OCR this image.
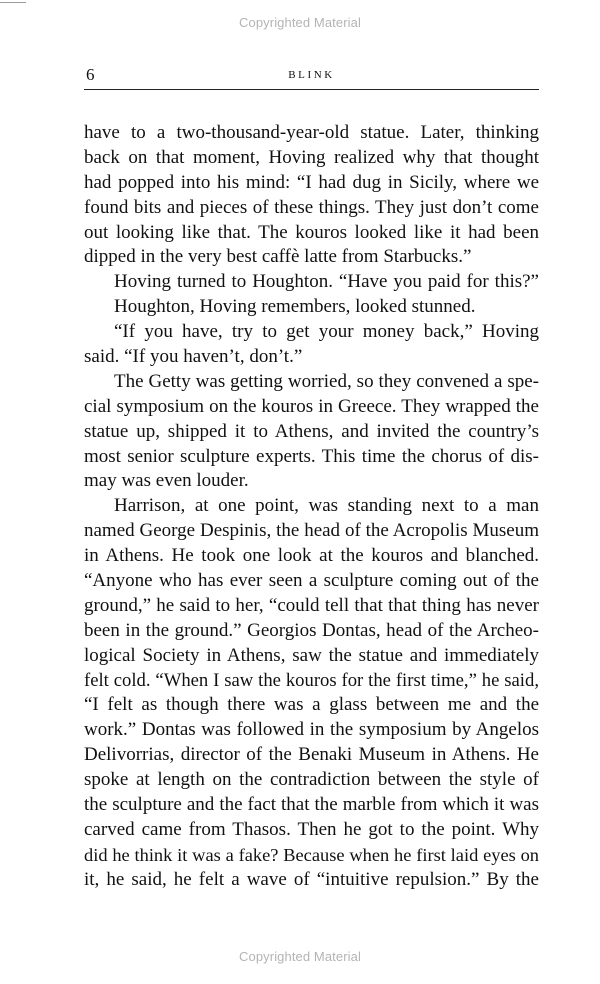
Copyrighted Material
6	BLINK
have to a two-thousand-year-old statue. Later, thinking
back on that moment, Hoving realized why that thought
had popped into his mind: “I had dug in Sicily, where we
found bits and pieces of these things. They just don’t come
out looking like that. The kouros looked like it had been
dipped in the very best caffè latte from Starbucks.”
Hoving turned to Houghton. “Have you paid for this?”
Houghton, Hoving remembers, looked stunned.
“If you have, try to get your money back,” Hoving
said. “If you haven’t, don’t.”
The Getty was getting worried, so they convened a spe-
cial symposium on the kouros in Greece. They wrapped the
statue up, shipped it to Athens, and invited the country’s
most senior sculpture experts. This time the chorus of dis-
may was even louder.
Harrison, at one point, was standing next to a man
named George Despinis, the head of the Acropolis Museum
in Athens. He took one look at the kouros and blanched.
“Anyone who has ever seen a sculpture coming out of the
ground,” he said to her, “could tell that that thing has never
been in the ground.” Georgios Dontas, head of the Archeo-
logical Society in Athens, saw the statue and immediately
felt cold. “When I saw the kouros for the first time,” he said,
“I felt as though there was a glass between me and the
work.” Dontas was followed in the symposium by Angelos
Delivorrias, director of the Benaki Museum in Athens. He
spoke at length on the contradiction between the style of
the sculpture and the fact that the marble from which it was
carved came from Thasos. Then he got to the point. Why
did he think it was a fake? Because when he first laid eyes on
it, he said, he felt a wave of “intuitive repulsion.” By the
Copyrighted Material
